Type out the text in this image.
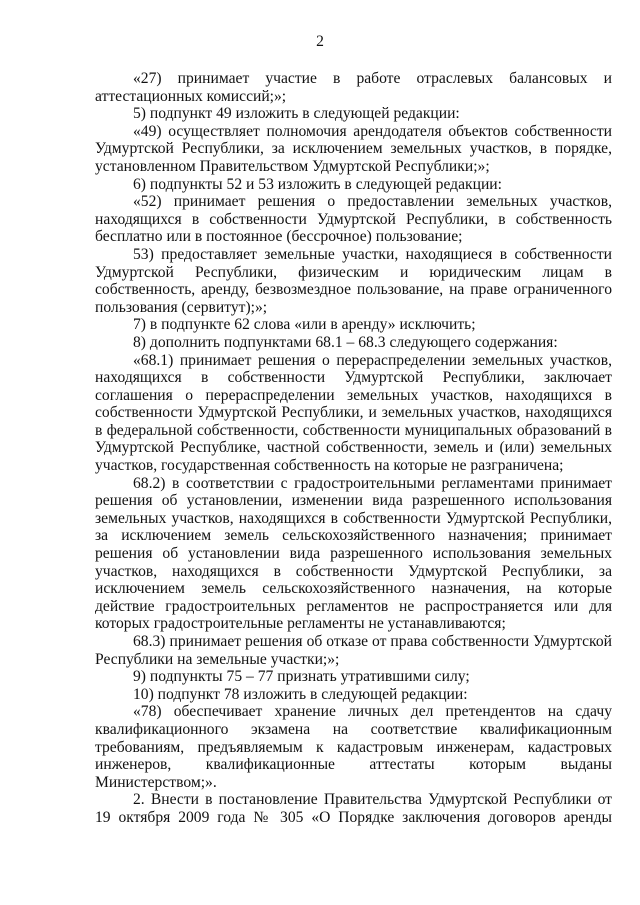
2

«27) принимает участие в работе отраслевых балансовых и аттестационных комиссий;»;

5) подпункт 49 изложить в следующей редакции:

«49) осуществляет полномочия арендодателя объектов собственности Удмуртской Республики, за исключением земельных участков, в порядке, установленном Правительством Удмуртской Республики;»;

6) подпункты 52 и 53 изложить в следующей редакции:

«52) принимает решения о предоставлении земельных участков, находящихся в собственности Удмуртской Республики, в собственность бесплатно или в постоянное (бессрочное) пользование;

53) предоставляет земельные участки, находящиеся в собственности Удмуртской Республики, физическим и юридическим лицам в собственность, аренду, безвозмездное пользование, на праве ограниченного пользования (сервитут);»;

7) в подпункте 62 слова «или в аренду» исключить;

8) дополнить подпунктами 68.1 – 68.3 следующего содержания:

«68.1) принимает решения о перераспределении земельных участков, находящихся в собственности Удмуртской Республики, заключает соглашения о перераспределении земельных участков, находящихся в собственности Удмуртской Республики, и земельных участков, находящихся в федеральной собственности, собственности муниципальных образований в Удмуртской Республике, частной собственности, земель и (или) земельных участков, государственная собственность на которые не разграничена;

68.2) в соответствии с градостроительными регламентами принимает решения об установлении, изменении вида разрешенного использования земельных участков, находящихся в собственности Удмуртской Республики, за исключением земель сельскохозяйственного назначения; принимает решения об установлении вида разрешенного использования земельных участков, находящихся в собственности Удмуртской Республики, за исключением земель сельскохозяйственного назначения, на которые действие градостроительных регламентов не распространяется или для которых градостроительные регламенты не устанавливаются;

68.3) принимает решения об отказе от права собственности Удмуртской Республики на земельные участки;»;

9) подпункты 75 – 77 признать утратившими силу;

10) подпункт 78 изложить в следующей редакции:

«78) обеспечивает хранение личных дел претендентов на сдачу квалификационного экзамена на соответствие квалификационным требованиям, предъявляемым к кадастровым инженерам, кадастровых инженеров, квалификационные аттестаты которым выданы Министерством;».

2. Внести в постановление Правительства Удмуртской Республики от 19 октября 2009 года № 305 «О Порядке заключения договоров аренды
